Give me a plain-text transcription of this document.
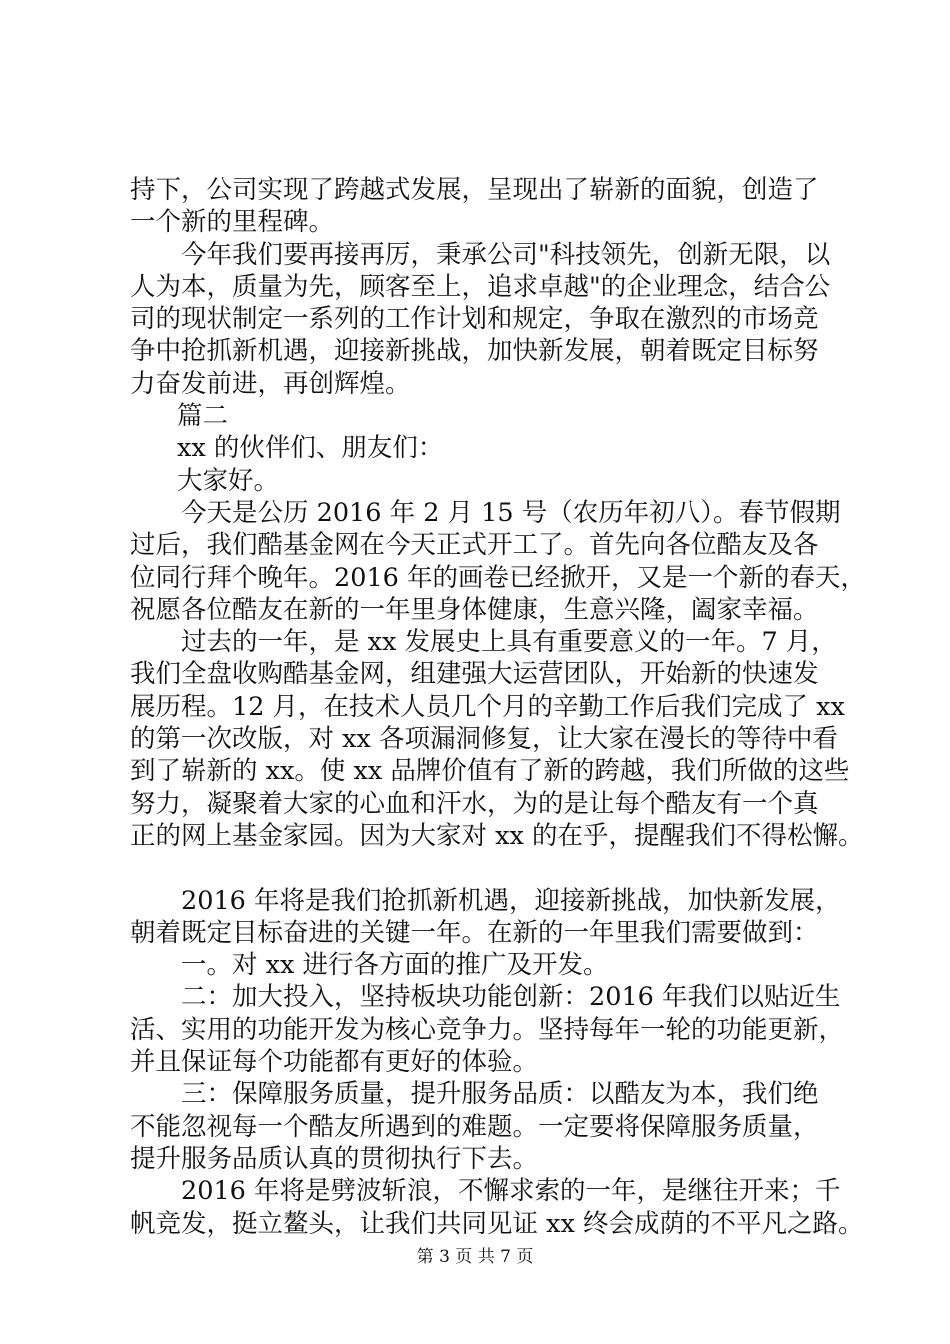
持下，公司实现了跨越式发展，呈现出了崭新的面貌，创造了
一个新的里程碑。
今年我们要再接再厉，秉承公司"科技领先，创新无限，以
人为本，质量为先，顾客至上，追求卓越"的企业理念，结合公
司的现状制定一系列的工作计划和规定，争取在激烈的市场竞
争中抢抓新机遇，迎接新挑战，加快新发展，朝着既定目标努
力奋发前进，再创辉煌。
篇二
xx 的伙伴们、朋友们：
大家好。
今天是公历 2016 年 2 月 15 号（农历年初八）。春节假期
过后，我们酷基金网在今天正式开工了。首先向各位酷友及各
位同行拜个晚年。2016 年的画卷已经掀开，又是一个新的春天，
祝愿各位酷友在新的一年里身体健康，生意兴隆，阖家幸福。
过去的一年，是 xx 发展史上具有重要意义的一年。7 月，
我们全盘收购酷基金网，组建强大运营团队，开始新的快速发
展历程。12 月，在技术人员几个月的辛勤工作后我们完成了 xx
的第一次改版，对 xx 各项漏洞修复，让大家在漫长的等待中看
到了崭新的 xx。使 xx 品牌价值有了新的跨越，我们所做的这些
努力，凝聚着大家的心血和汗水，为的是让每个酷友有一个真
正的网上基金家园。因为大家对 xx 的在乎，提醒我们不得松懈。
2016 年将是我们抢抓新机遇，迎接新挑战，加快新发展，
朝着既定目标奋进的关键一年。在新的一年里我们需要做到：
一。对 xx 进行各方面的推广及开发。
二：加大投入，坚持板块功能创新：2016 年我们以贴近生
活、实用的功能开发为核心竞争力。坚持每年一轮的功能更新，
并且保证每个功能都有更好的体验。
三：保障服务质量，提升服务品质：以酷友为本，我们绝
不能忽视每一个酷友所遇到的难题。一定要将保障服务质量，
提升服务品质认真的贯彻执行下去。
2016 年将是劈波斩浪，不懈求索的一年，是继往开来；千
帆竞发，挺立鳌头，让我们共同见证 xx 终会成荫的不平凡之路。
第 3 页 共 7 页
